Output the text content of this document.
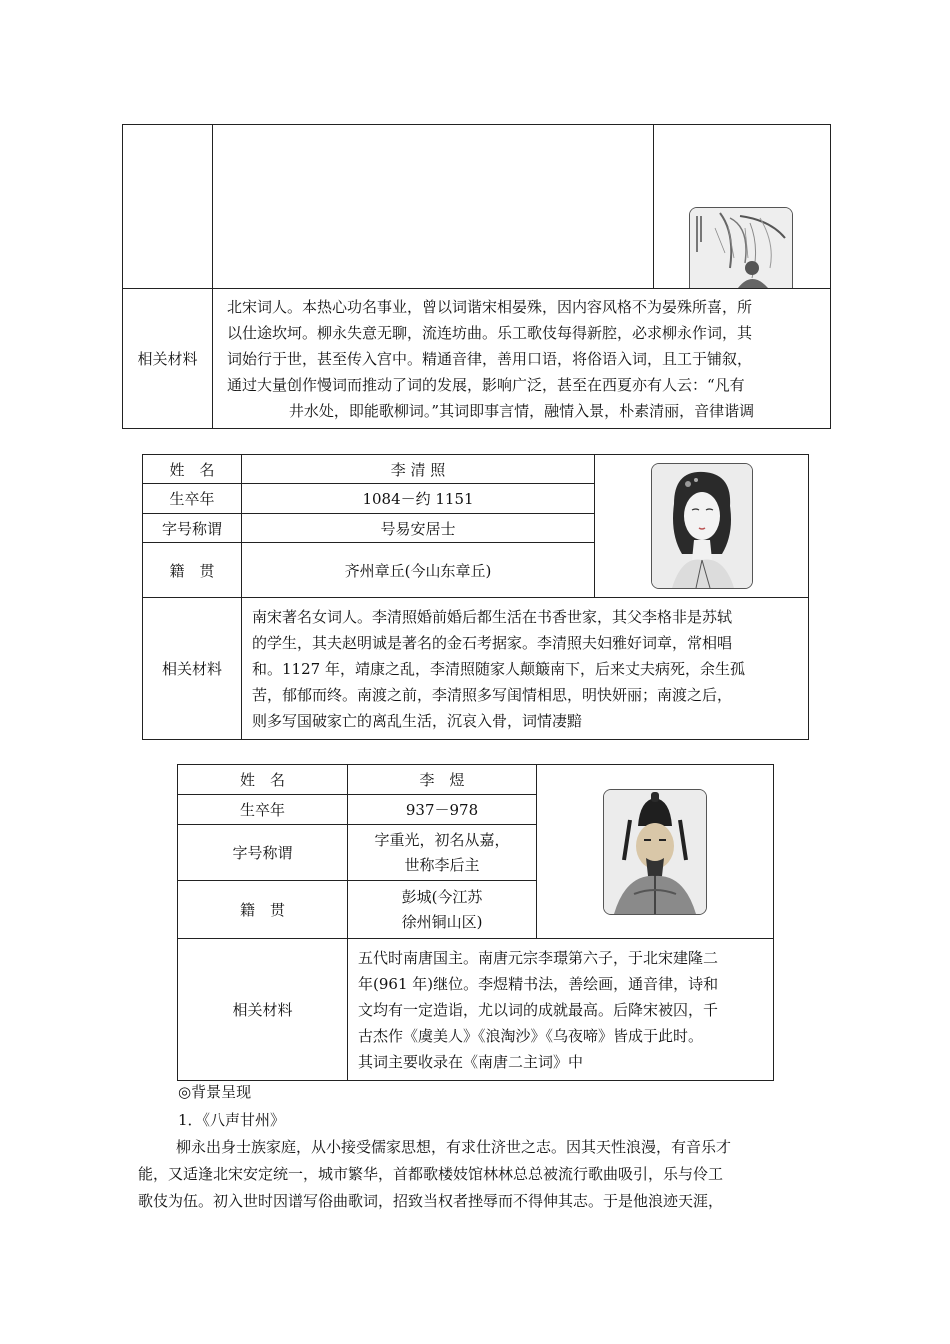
相关材料	北宋词人。本热心功名事业，曾以词谐宋相晏殊，因内容风格不为晏殊所喜，所
以仕途坎坷。柳永失意无聊，流连坊曲。乐工歌伎每得新腔，必求柳永作词，其
词始行于世，甚至传入宫中。精通音律，善用口语，将俗语入词，且工于铺叙，
通过大量创作慢词而推动了词的发展，影响广泛，甚至在西夏亦有人云：“凡有
井水处，即能歌柳词。”其词即事言情，融情入景，朴素清丽，音律谐调	
姓　名	李 清 照	

生卒年	1084－约 1151	
字号称谓	号易安居士	
籍　贯	齐州章丘(今山东章丘)	
相关材料	南宋著名女词人。李清照婚前婚后都生活在书香世家，其父李格非是苏轼
的学生，其夫赵明诚是著名的金石考据家。李清照夫妇雅好词章，常相唱
和。1127 年，靖康之乱，李清照随家人颠簸南下，后来丈夫病死，余生孤
苦，郁郁而终。南渡之前，李清照多写闺情相思，明快妍丽；南渡之后，
则多写国破家亡的离乱生活，沉哀入骨，词情凄黯	
姓　名	李　煜	

生卒年	937－978	
字号称谓	字重光，初名从嘉，
世称李后主	

籍　贯	彭城(今江苏
徐州铜山区)	

相关材料	五代时南唐国主。南唐元宗李璟第六子，于北宋建隆二
年(961 年)继位。李煜精书法，善绘画，通音律，诗和
文均有一定造诣，尤以词的成就最高。后降宋被囚，千
古杰作《虞美人》《浪淘沙》《乌夜啼》皆成于此时。
其词主要收录在《南唐二主词》中	
◎背景呈现
1．《八声甘州》
柳永出身士族家庭，从小接受儒家思想，有求仕济世之志。因其天性浪漫，有音乐才
能，又适逢北宋安定统一，城市繁华，首都歌楼妓馆林林总总被流行歌曲吸引，乐与伶工
歌伎为伍。初入世时因谱写俗曲歌词，招致当权者挫辱而不得伸其志。于是他浪迹天涯，
